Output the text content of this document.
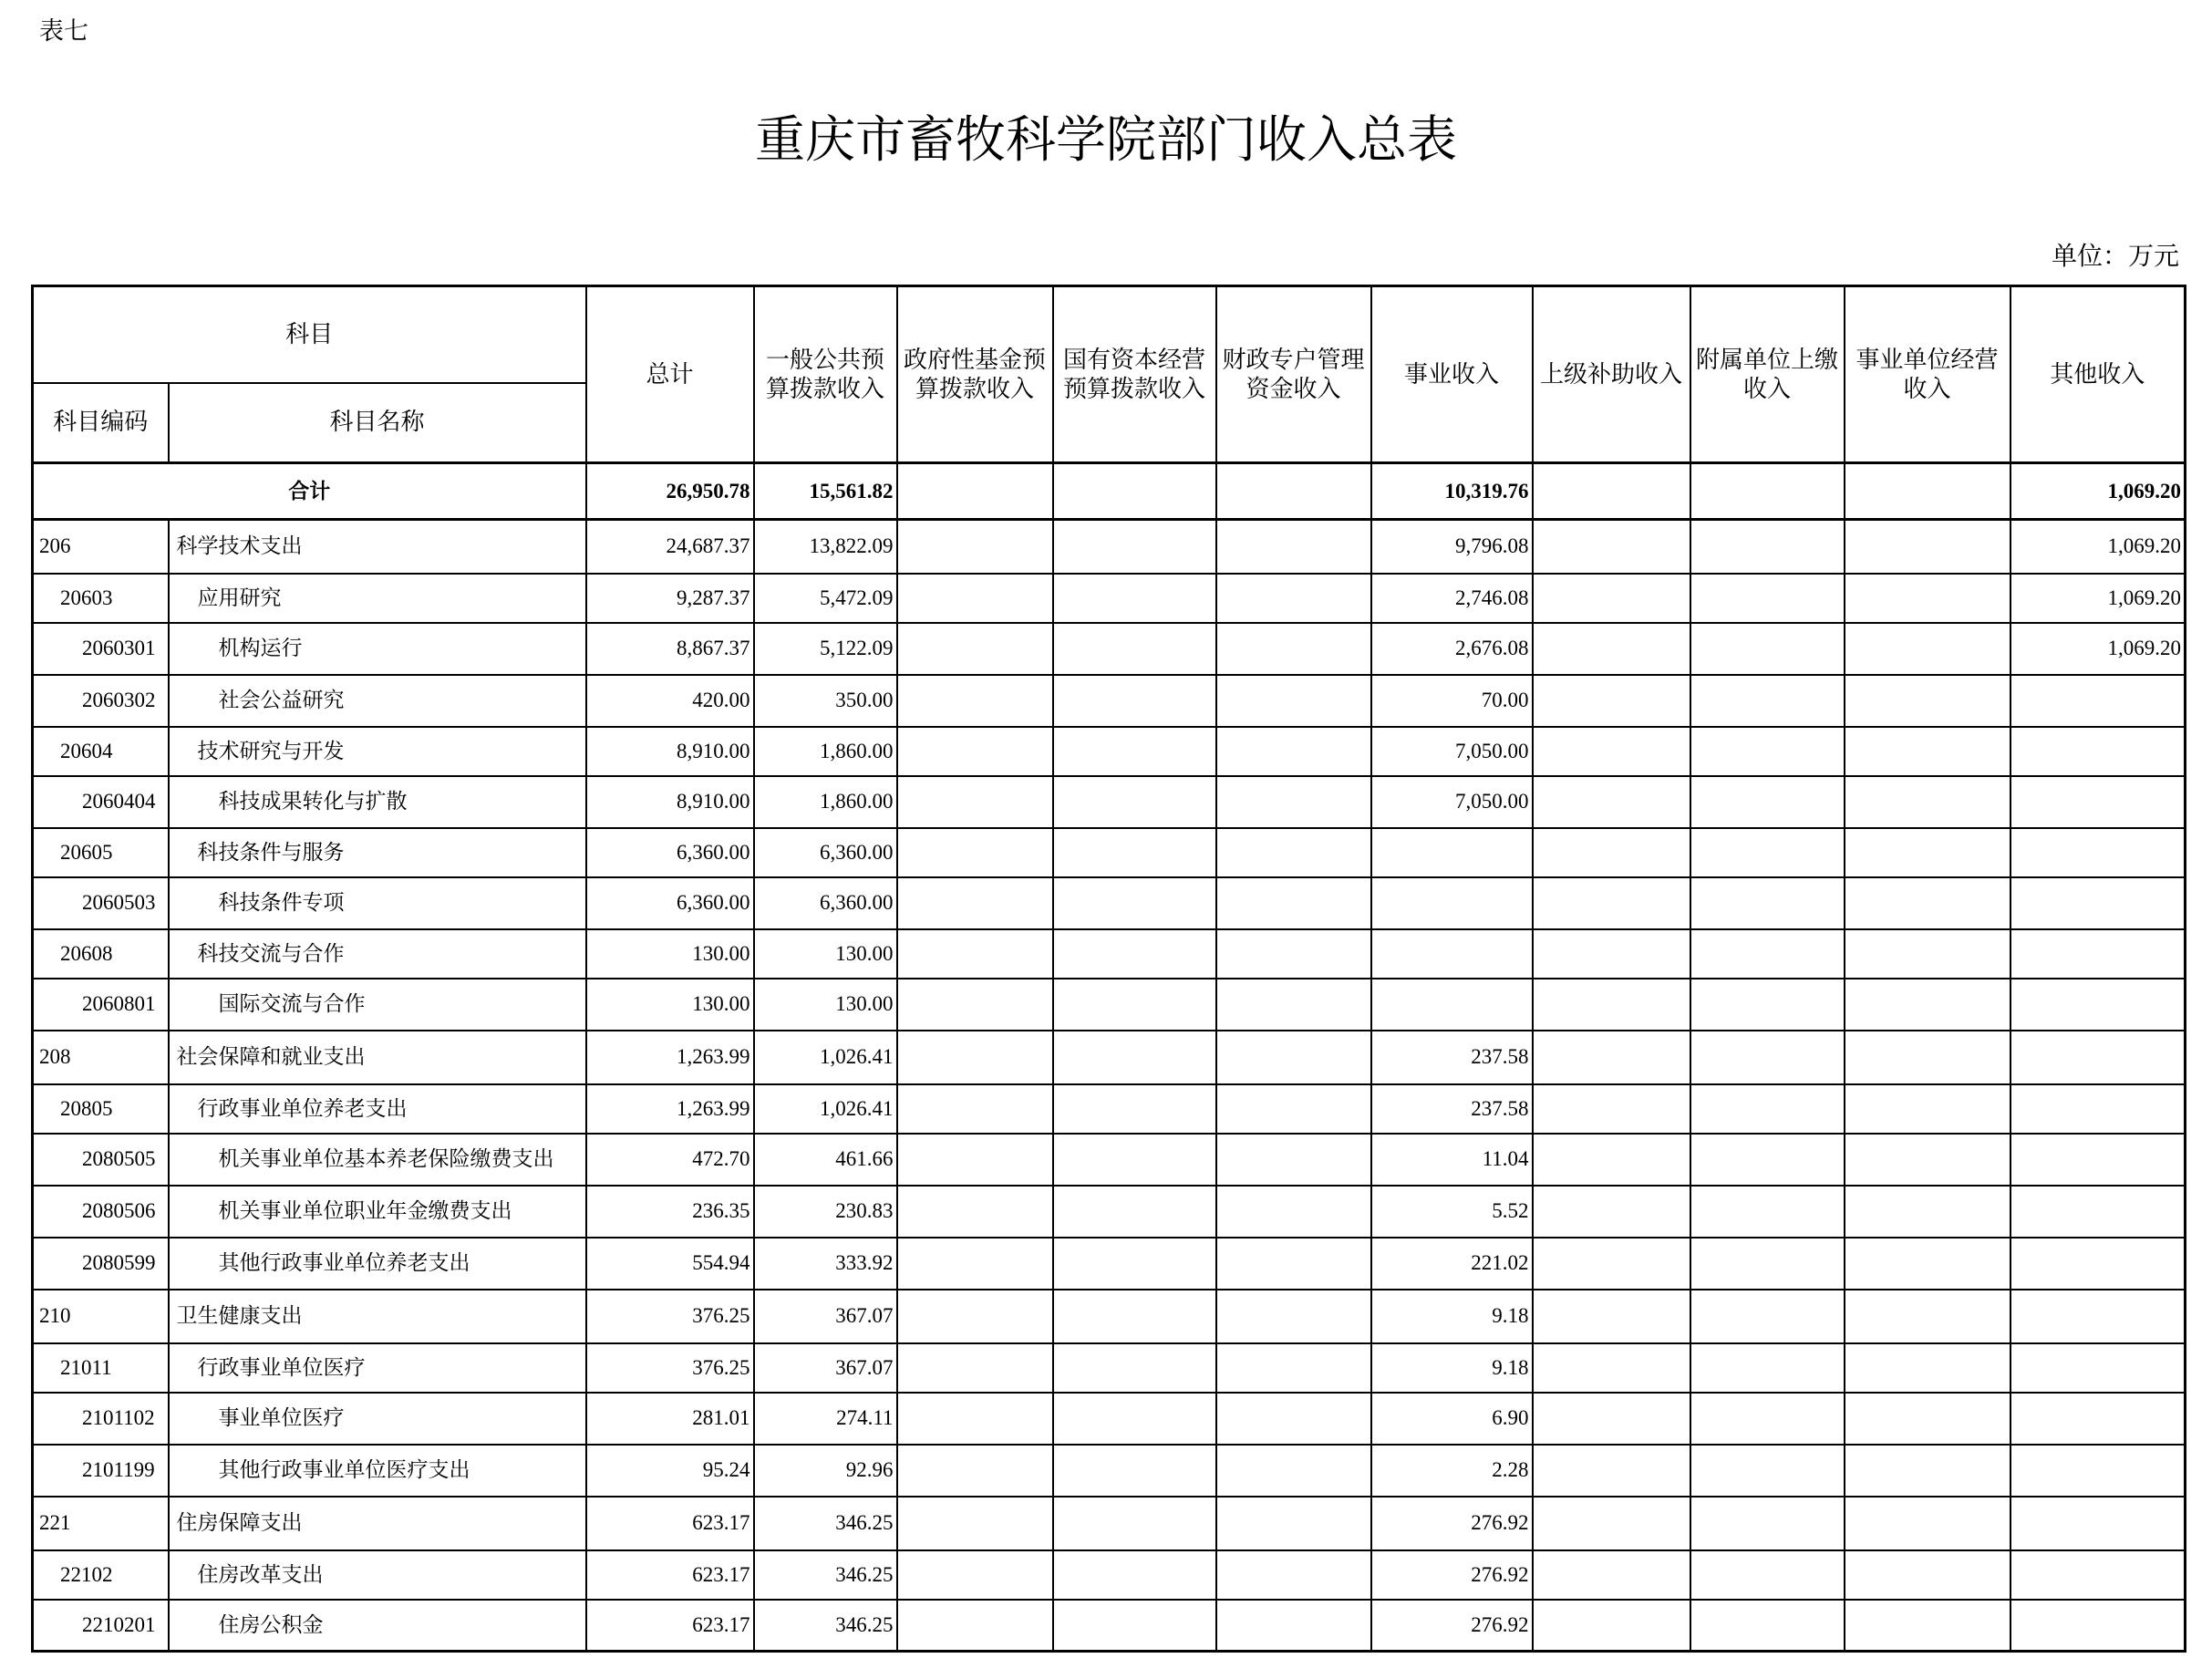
表七
重庆市畜牧科学院部门收入总表
单位：万元
科目		总计	一般公共预算拨款收入	政府性基金预算拨款收入	国有资本经营预算拨款收入	财政专户管理资金收入	事业收入	上级补助收入	附属单位上缴收入	事业单位经营收入	其他收入
科目编码	科目名称										
合计		26,950.78	15,561.82				10,319.76				1,069.20
206	科学技术支出	24,687.37	13,822.09				9,796.08				1,069.20
20603	应用研究	9,287.37	5,472.09				2,746.08				1,069.20
2060301	机构运行	8,867.37	5,122.09				2,676.08				1,069.20
2060302	社会公益研究	420.00	350.00				70.00				
20604	技术研究与开发	8,910.00	1,860.00				7,050.00				
2060404	科技成果转化与扩散	8,910.00	1,860.00				7,050.00				
20605	科技条件与服务	6,360.00	6,360.00								
2060503	科技条件专项	6,360.00	6,360.00								
20608	科技交流与合作	130.00	130.00								
2060801	国际交流与合作	130.00	130.00								
208	社会保障和就业支出	1,263.99	1,026.41				237.58				
20805	行政事业单位养老支出	1,263.99	1,026.41				237.58				
2080505	机关事业单位基本养老保险缴费支出	472.70	461.66				11.04				
2080506	机关事业单位职业年金缴费支出	236.35	230.83				5.52				
2080599	其他行政事业单位养老支出	554.94	333.92				221.02				
210	卫生健康支出	376.25	367.07				9.18				
21011	行政事业单位医疗	376.25	367.07				9.18				
2101102	事业单位医疗	281.01	274.11				6.90				
2101199	其他行政事业单位医疗支出	95.24	92.96				2.28				
221	住房保障支出	623.17	346.25				276.92				
22102	住房改革支出	623.17	346.25				276.92				
2210201	住房公积金	623.17	346.25				276.92				
